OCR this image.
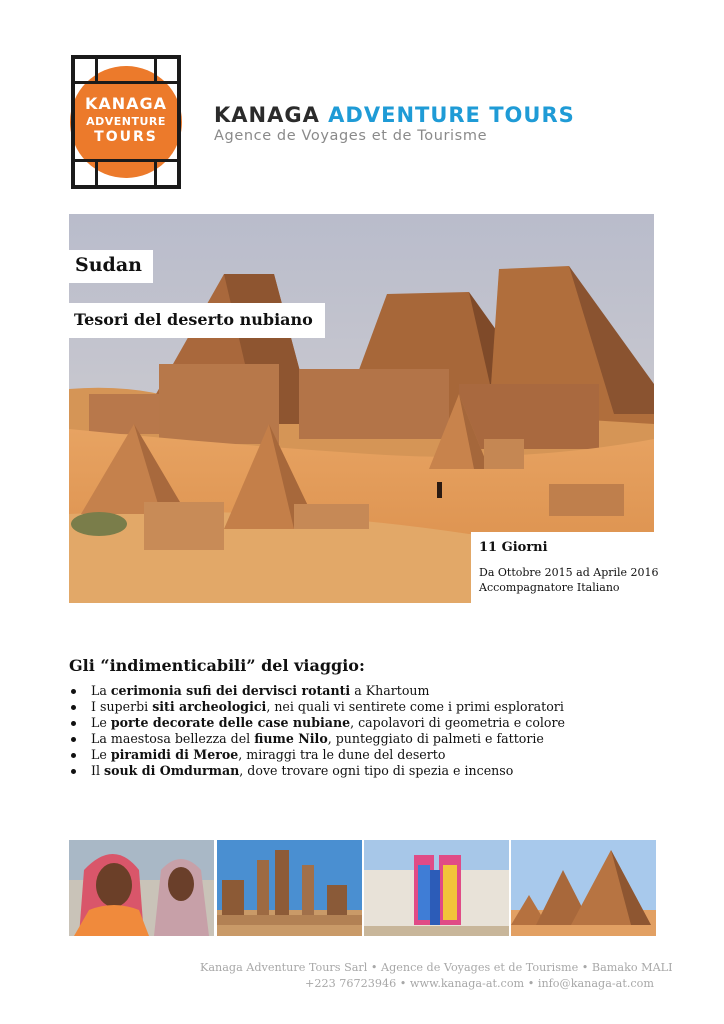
KANAGA
ADVENTURE
TOURS
KANAGA ADVENTURE TOURS
Agence de Voyages et de Tourisme
Sudan
Tesori del deserto nubiano
11 Giorni
Da Ottobre 2015 ad Aprile 2016
Accompagnatore Italiano
Gli “indimenticabili” del viaggio:
La cerimonia sufi dei dervisci rotanti a Khartoum
I superbi siti archeologici, nei quali vi sentirete come i primi esploratori
Le porte decorate delle case nubiane, capolavori di geometria e colore
La maestosa bellezza del fiume Nilo, punteggiato di palmeti e fattorie
Le piramidi di Meroe, miraggi tra le dune del deserto
Il souk di Omdurman, dove trovare ogni tipo di spezia e incenso
Kanaga Adventure Tours Sarl • Agence de Voyages et de Tourisme • Bamako MALI
+223 76723946 • www.kanaga-at.com • info@kanaga-at.com
